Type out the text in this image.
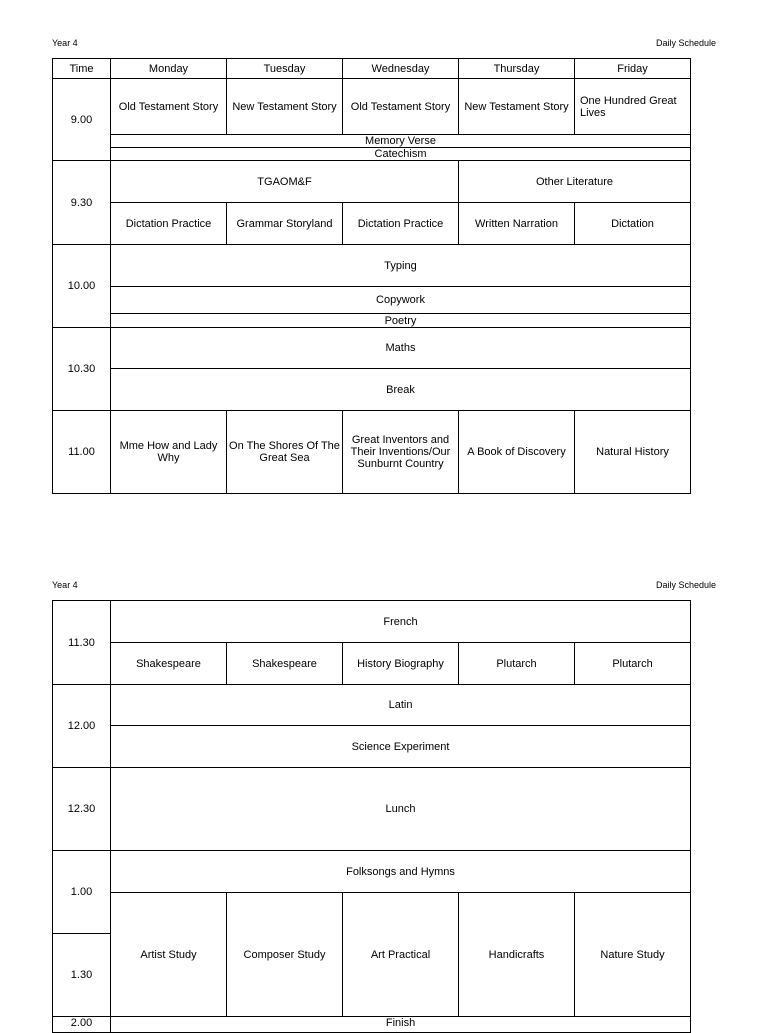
Year 4	Daily Schedule
Time	Monday	Tuesday	Wednesday	Thursday	Friday
9.00	Old Testament Story	New Testament Story	Old Testament Story	New Testament Story	One Hundred Great Lives
	Memory Verse				
	Catechism				
9.30	TGAOM&F			Other Literature	
	Dictation Practice	Grammar Storyland	Dictation Practice	Written Narration	Dictation
10.00	Typing				
	Copywork				
	Poetry				
10.30	Maths				
	Break				
11.00	Mme How and Lady Why	On The Shores Of The Great Sea	Great Inventors and Their Inventions/Our Sunburnt Country	A Book of Discovery	Natural History
Year 4	Daily Schedule
11.30	French				
	Shakespeare	Shakespeare	History Biography	Plutarch	Plutarch
12.00	Latin				
	Science Experiment				
12.30	Lunch				
1.00	Folksongs and Hymns				
	Artist Study	Composer Study	Art Practical	Handicrafts	Nature Study
1.30					
2.00	Finish				
